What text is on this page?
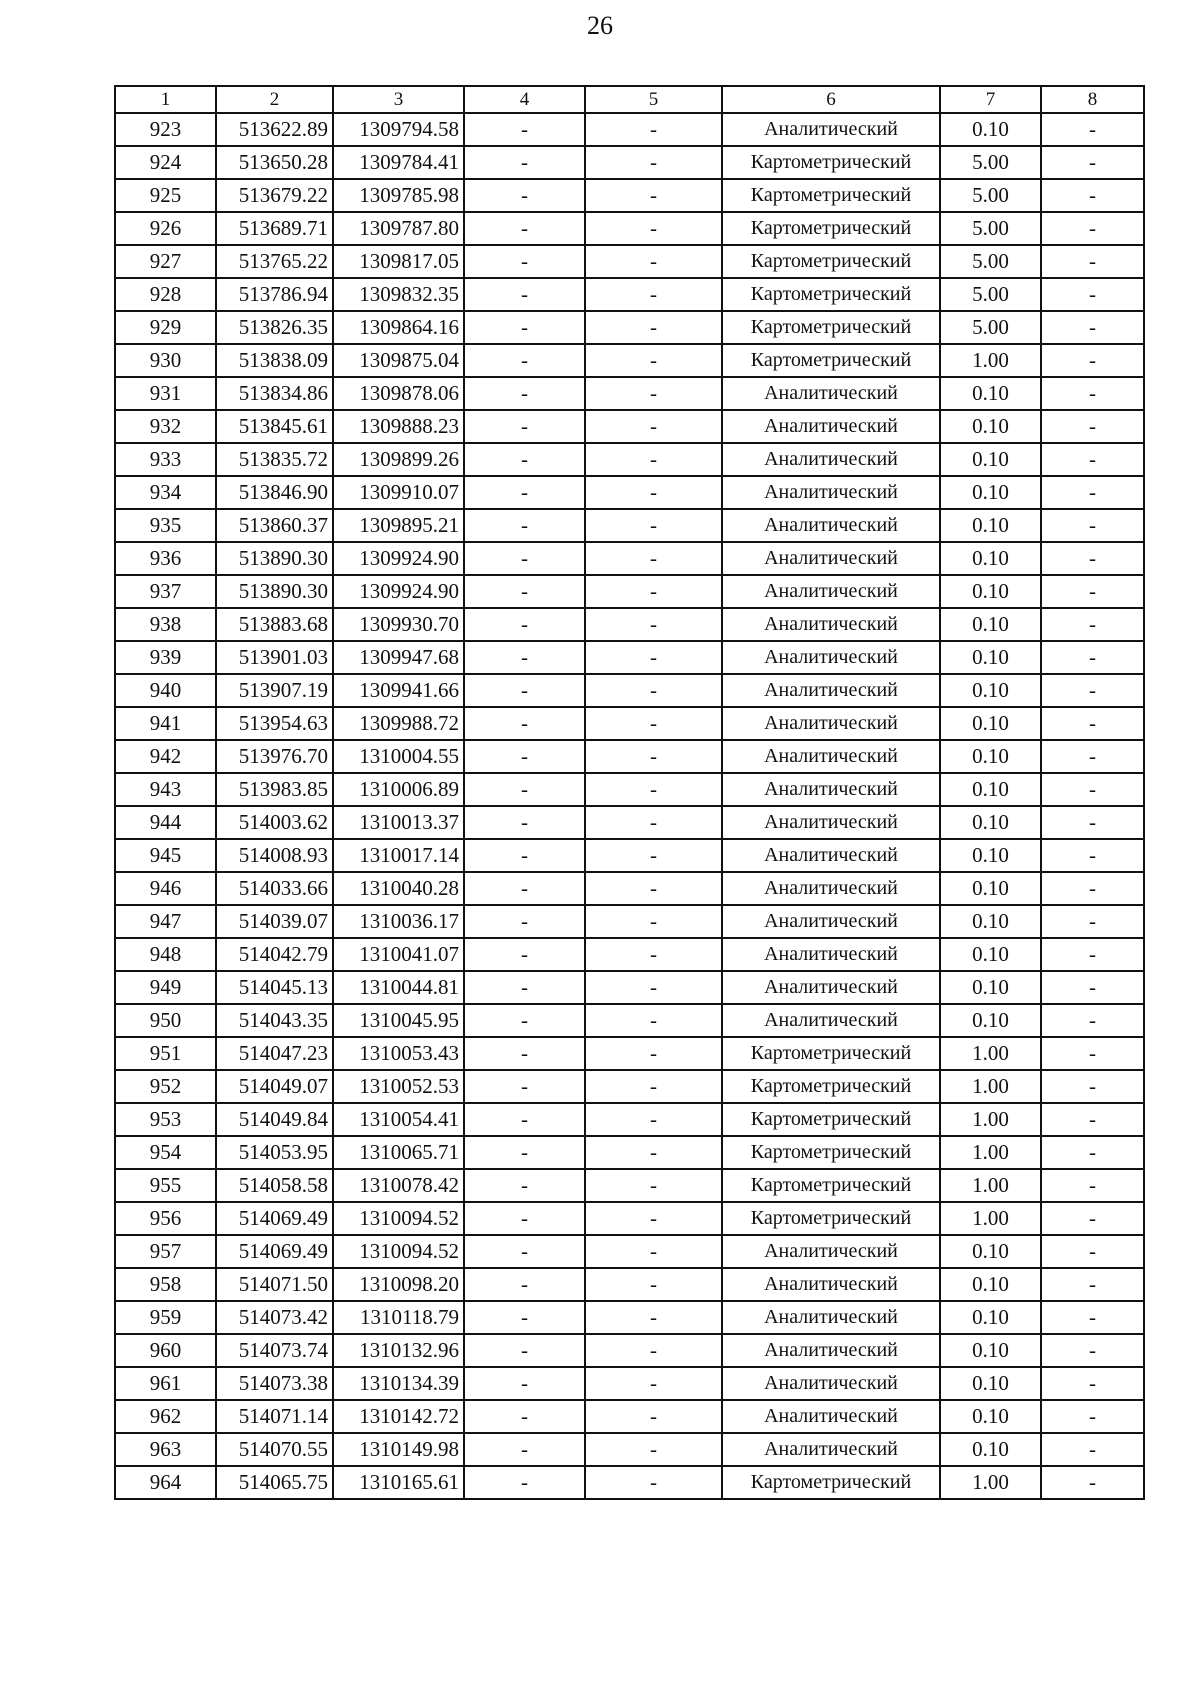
26
1	2	3	4	5	6	7	8
923	513622.89	1309794.58	-	-	Аналитический	0.10	-
924	513650.28	1309784.41	-	-	Картометрический	5.00	-
925	513679.22	1309785.98	-	-	Картометрический	5.00	-
926	513689.71	1309787.80	-	-	Картометрический	5.00	-
927	513765.22	1309817.05	-	-	Картометрический	5.00	-
928	513786.94	1309832.35	-	-	Картометрический	5.00	-
929	513826.35	1309864.16	-	-	Картометрический	5.00	-
930	513838.09	1309875.04	-	-	Картометрический	1.00	-
931	513834.86	1309878.06	-	-	Аналитический	0.10	-
932	513845.61	1309888.23	-	-	Аналитический	0.10	-
933	513835.72	1309899.26	-	-	Аналитический	0.10	-
934	513846.90	1309910.07	-	-	Аналитический	0.10	-
935	513860.37	1309895.21	-	-	Аналитический	0.10	-
936	513890.30	1309924.90	-	-	Аналитический	0.10	-
937	513890.30	1309924.90	-	-	Аналитический	0.10	-
938	513883.68	1309930.70	-	-	Аналитический	0.10	-
939	513901.03	1309947.68	-	-	Аналитический	0.10	-
940	513907.19	1309941.66	-	-	Аналитический	0.10	-
941	513954.63	1309988.72	-	-	Аналитический	0.10	-
942	513976.70	1310004.55	-	-	Аналитический	0.10	-
943	513983.85	1310006.89	-	-	Аналитический	0.10	-
944	514003.62	1310013.37	-	-	Аналитический	0.10	-
945	514008.93	1310017.14	-	-	Аналитический	0.10	-
946	514033.66	1310040.28	-	-	Аналитический	0.10	-
947	514039.07	1310036.17	-	-	Аналитический	0.10	-
948	514042.79	1310041.07	-	-	Аналитический	0.10	-
949	514045.13	1310044.81	-	-	Аналитический	0.10	-
950	514043.35	1310045.95	-	-	Аналитический	0.10	-
951	514047.23	1310053.43	-	-	Картометрический	1.00	-
952	514049.07	1310052.53	-	-	Картометрический	1.00	-
953	514049.84	1310054.41	-	-	Картометрический	1.00	-
954	514053.95	1310065.71	-	-	Картометрический	1.00	-
955	514058.58	1310078.42	-	-	Картометрический	1.00	-
956	514069.49	1310094.52	-	-	Картометрический	1.00	-
957	514069.49	1310094.52	-	-	Аналитический	0.10	-
958	514071.50	1310098.20	-	-	Аналитический	0.10	-
959	514073.42	1310118.79	-	-	Аналитический	0.10	-
960	514073.74	1310132.96	-	-	Аналитический	0.10	-
961	514073.38	1310134.39	-	-	Аналитический	0.10	-
962	514071.14	1310142.72	-	-	Аналитический	0.10	-
963	514070.55	1310149.98	-	-	Аналитический	0.10	-
964	514065.75	1310165.61	-	-	Картометрический	1.00	-
